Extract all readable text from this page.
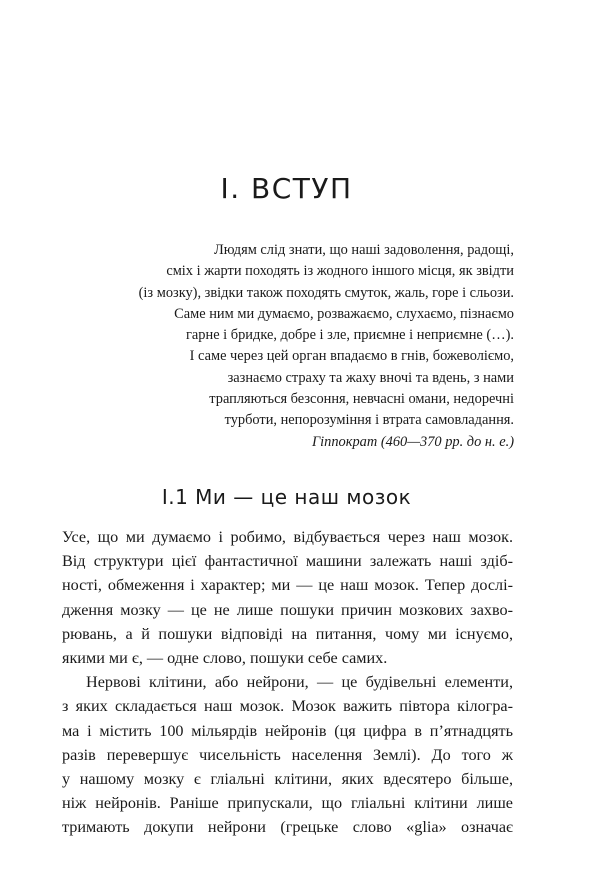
І. ВСТУП
Людям слід знати, що наші задоволення, радощі,
сміх і жарти походять із жодного іншого місця, як звідти
(із мозку), звідки також походять смуток, жаль, горе і сльози.
Саме ним ми думаємо, розважаємо, слухаємо, пізнаємо
гарне і бридке, добре і зле, приємне і неприємне (…).
І саме через цей орган впадаємо в гнів, божеволіємо,
зазнаємо страху та жаху вночі та вдень, з нами
трапляються безсоння, невчасні омани, недоречні
турботи, непорозуміння і втрата самовладання.
Гіппократ (460—370 рр. до н. е.)
І.1 Ми — це наш мозок
Усе, що ми думаємо і робимо, відбувається через наш мозок.
Від структури цієї фантастичної машини залежать наші здіб-
ності, обмеження і характер; ми — це наш мозок. Тепер дослі-
дження мозку — це не лише пошуки причин мозкових захво-
рювань, а й пошуки відповіді на питання, чому ми існуємо,
якими ми є, — одне слово, пошуки себе самих.
Нервові клітини, або нейрони, — це будівельні елементи,
з яких складається наш мозок. Мозок важить півтора кілогра-
ма і містить 100 мільярдів нейронів (ця цифра в п’ятнадцять
разів перевершує чисельність населення Землі). До того ж
у нашому мозку є гліальні клітини, яких вдесятеро більше,
ніж нейронів. Раніше припускали, що гліальні клітини лише
тримають докупи нейрони (грецьке слово «glia» означає
